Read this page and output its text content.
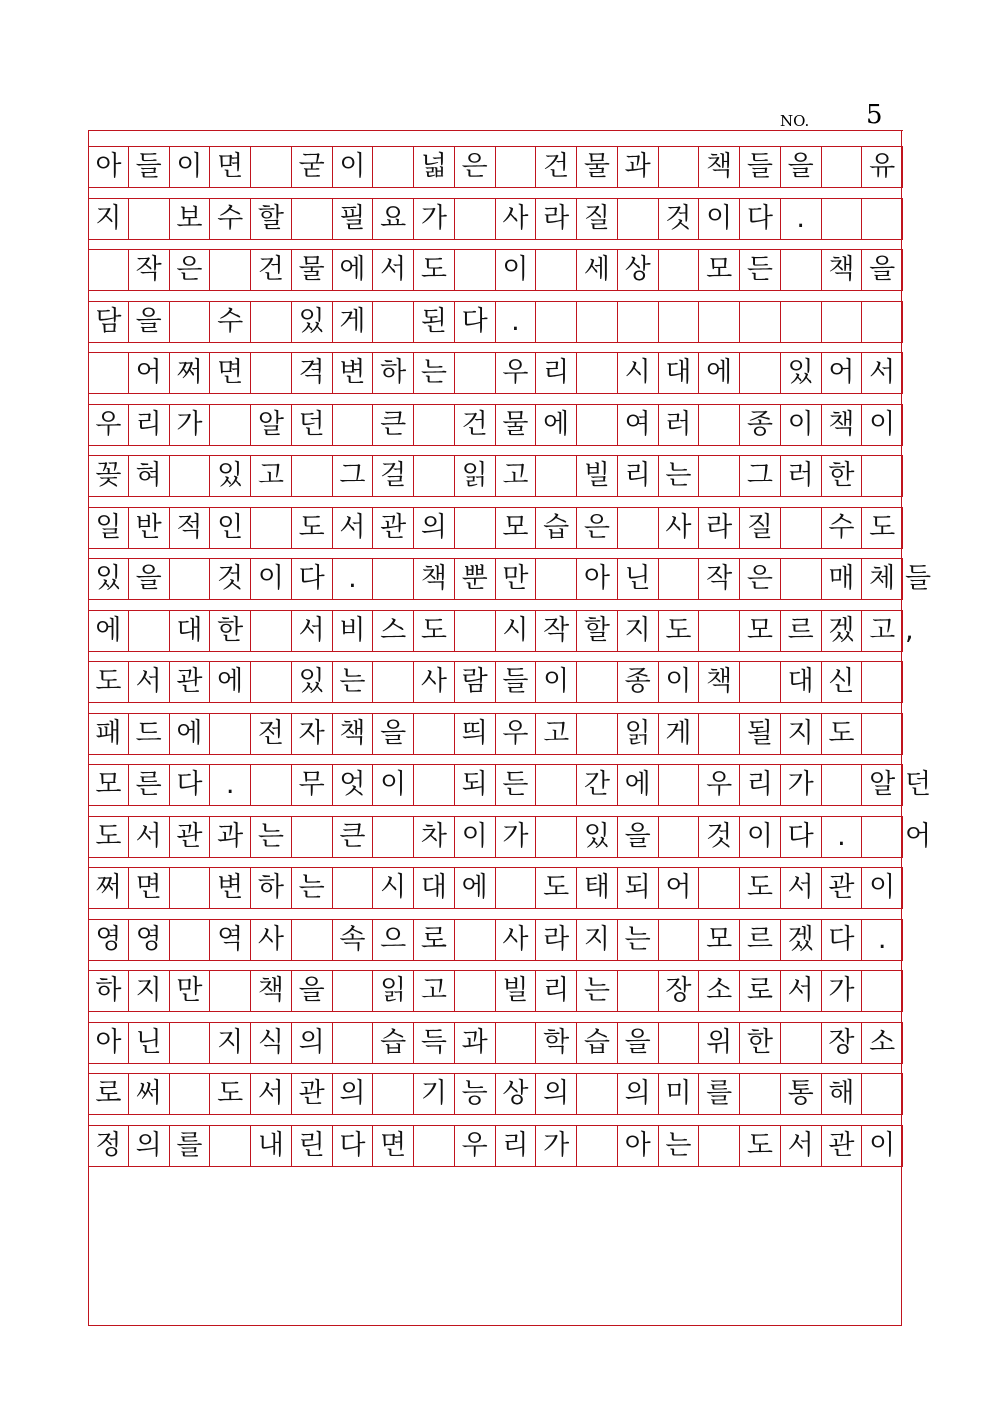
NO. 5
아 들 이 면 굳 이 넓 은 건 물 과 책 들 을 유
지 보 수 할 필 요 가 사 라 질 것 이 다 .
작 은 건 물 에 서 도 이 세 상 모 든 책 을
담 을 수 있 게 된 다 .
어 쩌 면 격 변 하 는 우 리 시 대 에 있 어 서
우 리 가 알 던 큰 건 물 에 여 러 종 이 책 이
꽂 혀 있 고 그 걸 읽 고 빌 리 는 그 러 한
일 반 적 인 도 서 관 의 모 습 은 사 라 질 수 도
있 을 것 이 다 .	책 뿐 만 아 닌 작 은 매 체 들
에 대 한 서 비 스 도 시 작 할 지 도 모 르 겠 고 ,
도 서 관 에 있 는 사 람 들 이 종 이 책 대 신
패 드 에 전 자 책 을 띄 우 고 읽 게 될 지 도
모 른 다 .	무 엇 이 되 든 간 에 우 리 가 알 던
도 서 관 과 는 큰 차 이 가 있 을 것 이 다 .	어
쩌 면 변 하 는 시 대 에 도 태 되 어 도 서 관 이
영 영 역 사 속 으 로 사 라 지 는 모 르 겠 다 .
하 지 만 책 을 읽 고 빌 리 는 장 소 로 서 가
아 닌 지 식 의 습 득 과 학 습 을 위 한 장 소
로 써 도 서 관 의 기 능 상 의 의 미 를 통 해
정 의 를 내 린 다 면 우 리 가 아 는 도 서 관 이
